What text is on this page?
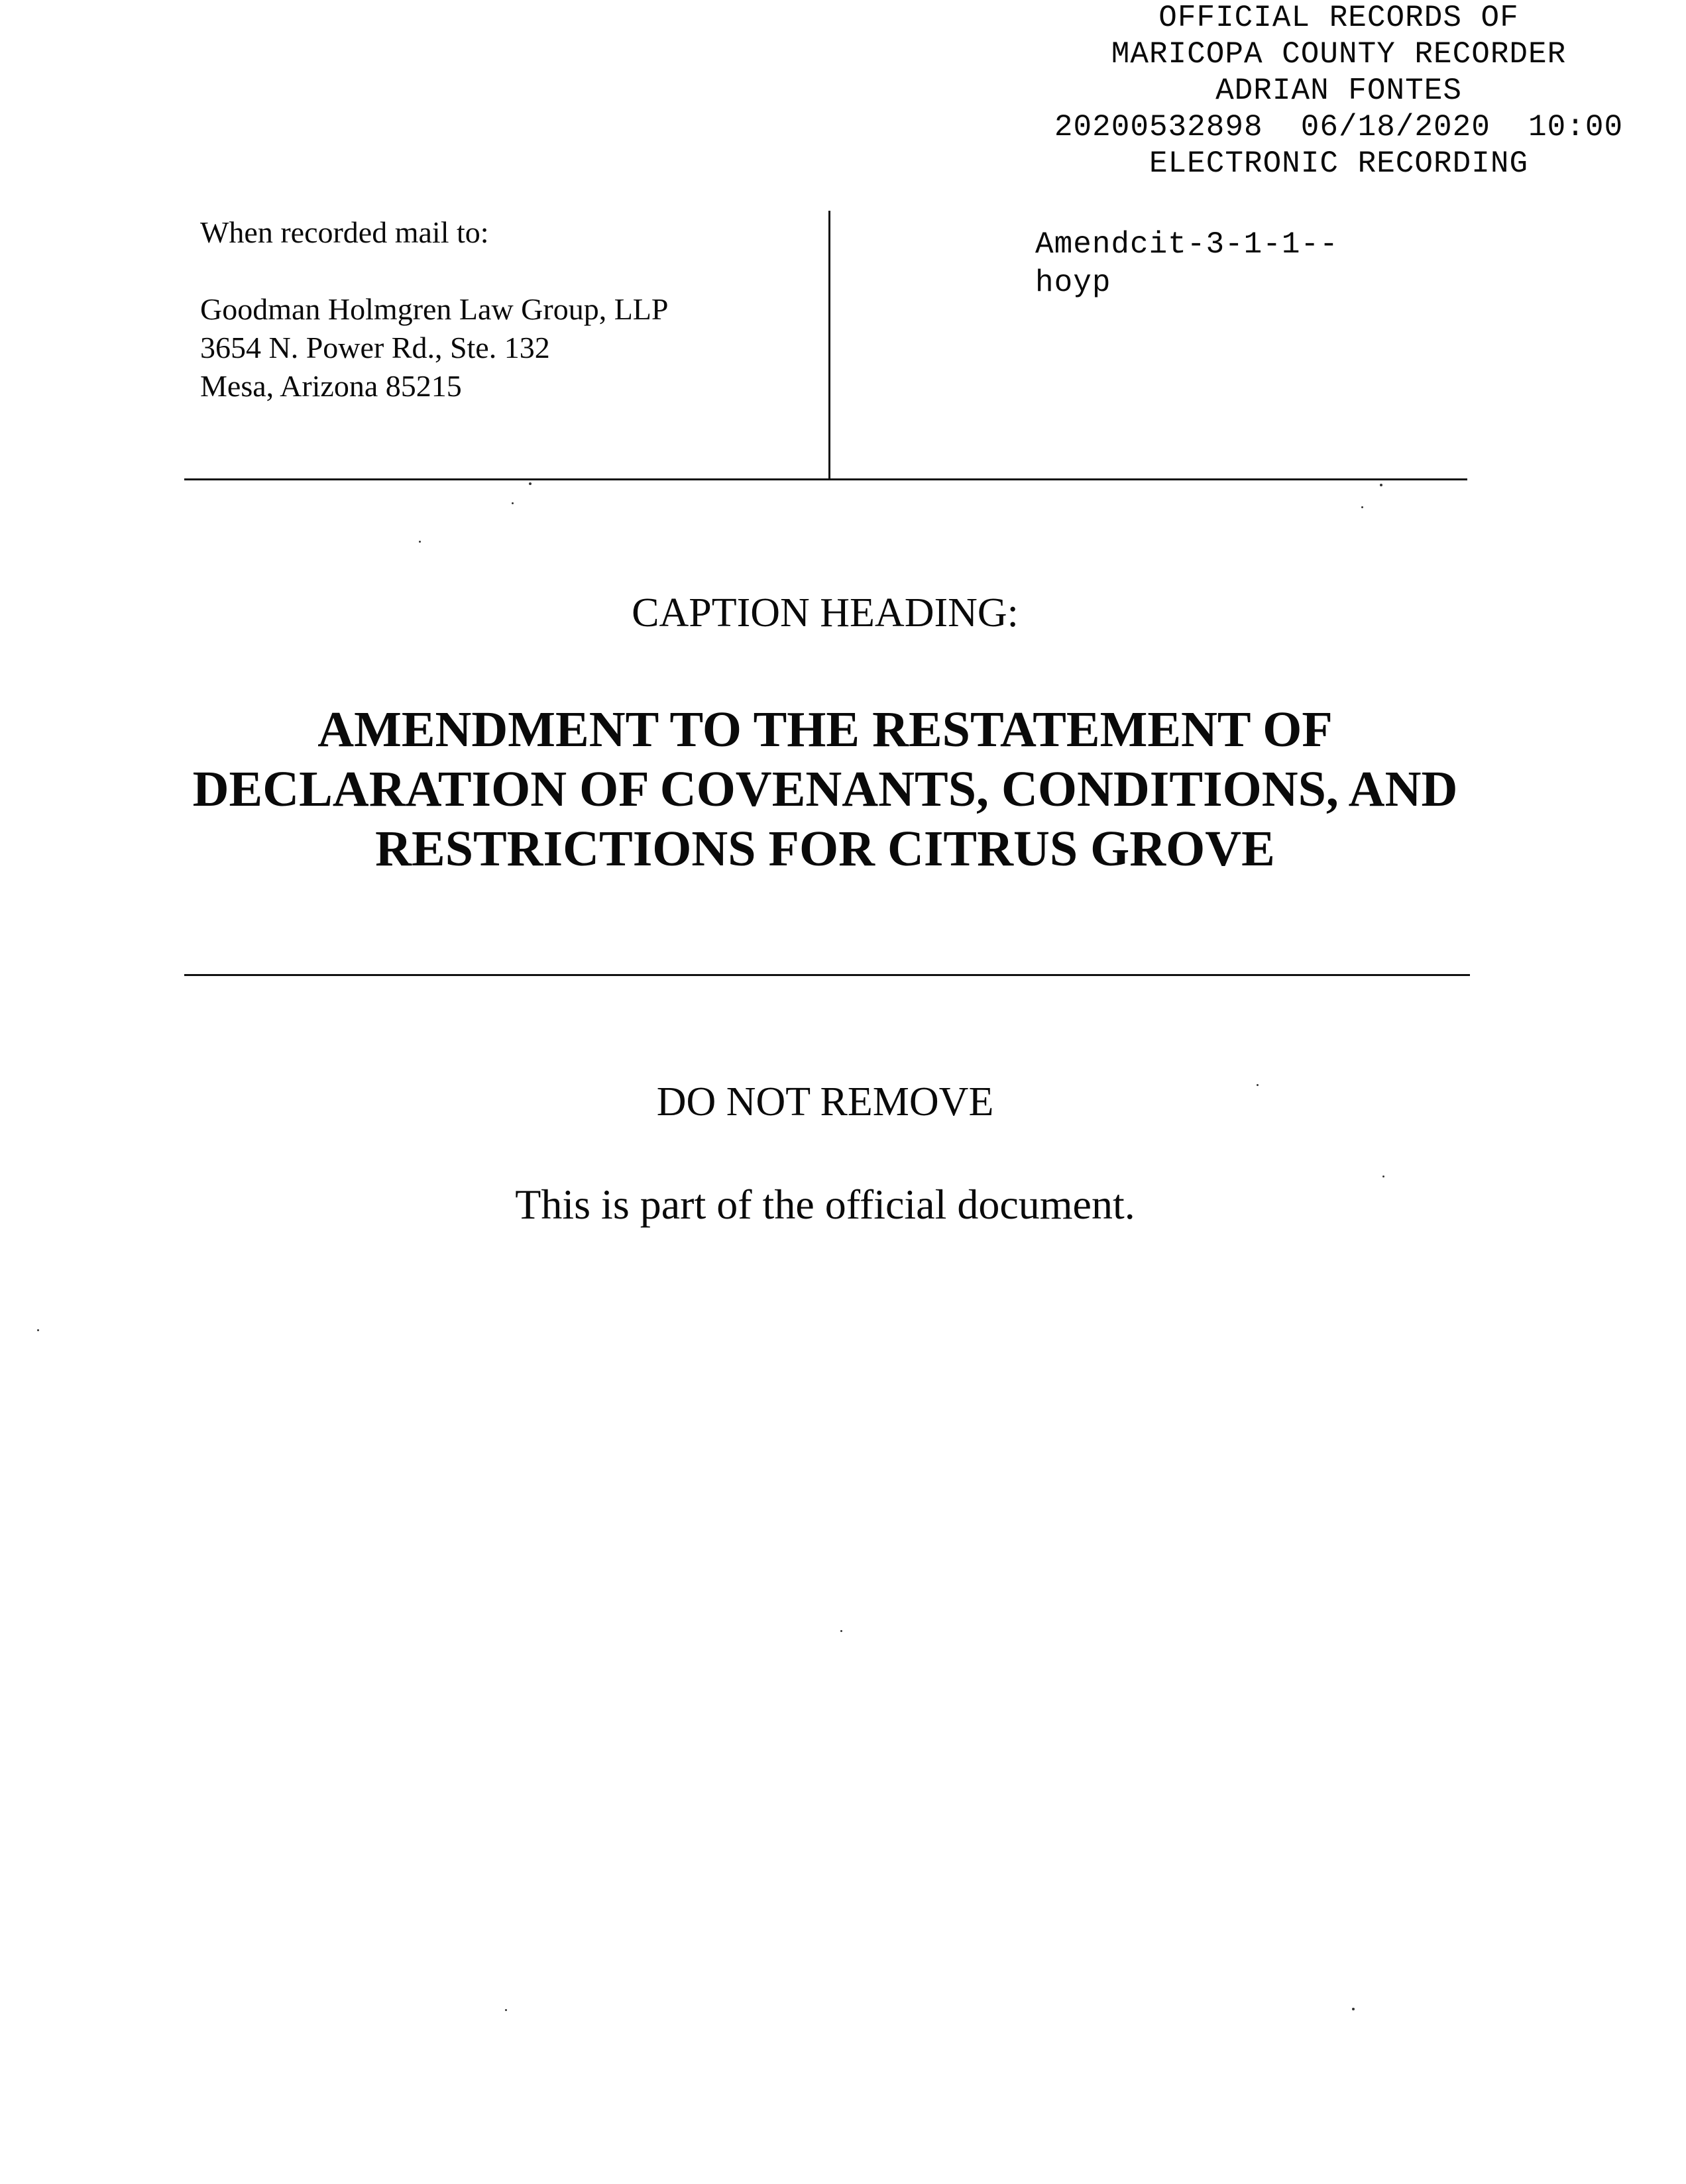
OFFICIAL RECORDS OF
MARICOPA COUNTY RECORDER
ADRIAN FONTES
20200532898  06/18/2020  10:00
ELECTRONIC RECORDING
When recorded mail to:
Goodman Holmgren Law Group, LLP
3654 N. Power Rd., Ste. 132
Mesa, Arizona 85215
Amendcit-3-1-1--
hoyp
CAPTION HEADING:
AMENDMENT TO THE RESTATEMENT OF
DECLARATION OF COVENANTS, CONDITIONS, AND
RESTRICTIONS FOR CITRUS GROVE
DO NOT REMOVE
This is part of the official document.
